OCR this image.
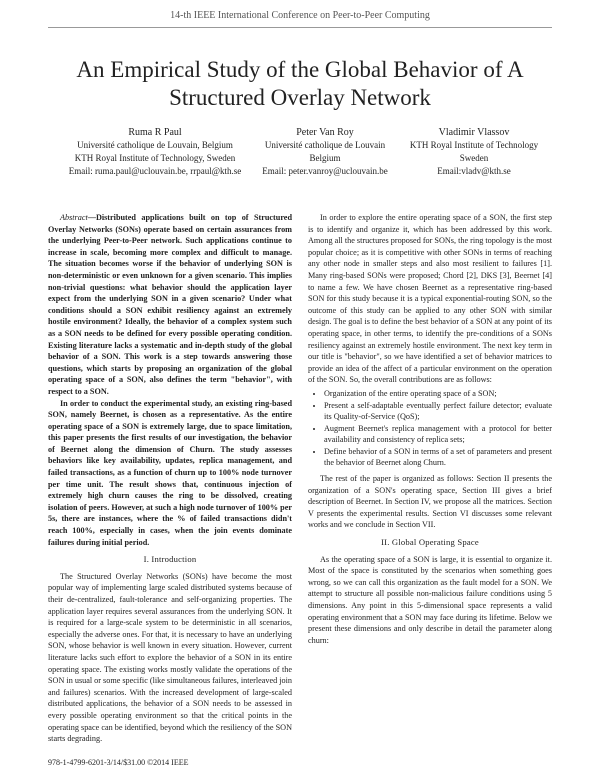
14-th IEEE International Conference on Peer-to-Peer Computing
An Empirical Study of the Global Behavior of A Structured Overlay Network
Ruma R Paul
Université catholique de Louvain, Belgium
KTH Royal Institute of Technology, Sweden
Email: ruma.paul@uclouvain.be, rrpaul@kth.se
Peter Van Roy
Université catholique de Louvain
Belgium
Email: peter.vanroy@uclouvain.be
Vladimir Vlassov
KTH Royal Institute of Technology
Sweden
Email:vladv@kth.se

Abstract—Distributed applications built on top of Structured Overlay Networks (SONs) operate based on certain assurances from the underlying Peer-to-Peer network. Such applications continue to increase in scale, becoming more complex and difficult to manage. The situation becomes worse if the behavior of underlying SON is non-deterministic or even unknown for a given scenario. This implies non-trivial questions: what behavior should the application layer expect from the underlying SON in a given scenario? Under what conditions should a SON exhibit resiliency against an extremely hostile environment? Ideally, the behavior of a complex system such as a SON needs to be defined for every possible operating condition. Existing literature lacks a systematic and in-depth study of the global behavior of a SON. This work is a step towards answering those questions, which starts by proposing an organization of the global operating space of a SON, also defines the term "behavior", with respect to a SON.

In order to conduct the experimental study, an existing ring-based SON, namely Beernet, is chosen as a representative. As the entire operating space of a SON is extremely large, due to space limitation, this paper presents the first results of our investigation, the behavior of Beernet along the dimension of Churn. The study assesses behaviors like key availability, updates, replica management, and failed transactions, as a function of churn up to 100% node turnover per time unit. The result shows that, continuous injection of extremely high churn causes the ring to be dissolved, creating isolation of peers. However, at such a high node turnover of 100% per 5s, there are instances, where the % of failed transactions didn't reach 100%, especially in cases, when the join events dominate failures during initial period.

I. Introduction

The Structured Overlay Networks (SONs) have become the most popular way of implementing large scaled distributed systems because of their de-centralized, fault-tolerance and self-organizing properties. The application layer requires several assurances from the underlying SON. It is required for a large-scale system to be deterministic in all scenarios, especially the adverse ones. For that, it is necessary to have an underlying SON, whose behavior is well known in every situation. However, current literature lacks such effort to explore the behavior of a SON in its entire operating space. The existing works mostly validate the operations of the SON in usual or some specific (like simultaneous failures, interleaved join and failures) scenarios. With the increased development of large-scaled distributed applications, the behavior of a SON needs to be assessed in every possible operating environment so that the critical points in the operating space can be identified, beyond which the resiliency of the SON starts degrading.

In order to explore the entire operating space of a SON, the first step is to identify and organize it, which has been addressed by this work. Among all the structures proposed for SONs, the ring topology is the most popular choice; as it is competitive with other SONs in terms of reaching any other node in smaller steps and also most resilient to failures [1]. Many ring-based SONs were proposed; Chord [2], DKS [3], Beernet [4] to name a few. We have chosen Beernet as a representative ring-based SON for this study because it is a typical exponential-routing SON, so the outcome of this study can be applied to any other SON with similar design. The goal is to define the best behavior of a SON at any point of its operating space, in other terms, to identify the pre-conditions of a SONs resiliency against an extremely hostile environment. The next key term in our title is "behavior", so we have identified a set of behavior matrices to provide an idea of the affect of a particular environment on the operation of the SON. So, the overall contributions are as follows:

• Organization of the entire operating space of a SON;
• Present a self-adaptable eventually perfect failure detector; evaluate its Quality-of-Service (QoS);
• Augment Beernet's replica management with a protocol for better availability and consistency of replica sets;
• Define behavior of a SON in terms of a set of parameters and present the behavior of Beernet along Churn.

The rest of the paper is organized as follows: Section II presents the organization of a SON's operating space, Section III gives a brief description of Beernet. In Section IV, we propose all the matrices. Section V presents the experimental results. Section VI discusses some relevant works and we conclude in Section VII.

II. Global Operating Space

As the operating space of a SON is large, it is essential to organize it. Most of the space is constituted by the scenarios when something goes wrong, so we can call this organization as the fault model for a SON. We attempt to structure all possible non-malicious failure conditions using 5 dimensions. Any point in this 5-dimensional space represents a valid operating environment that a SON may face during its lifetime. Below we present these dimensions and only describe in detail the parameter along churn:

978-1-4799-6201-3/14/$31.00 ©2014 IEEE
